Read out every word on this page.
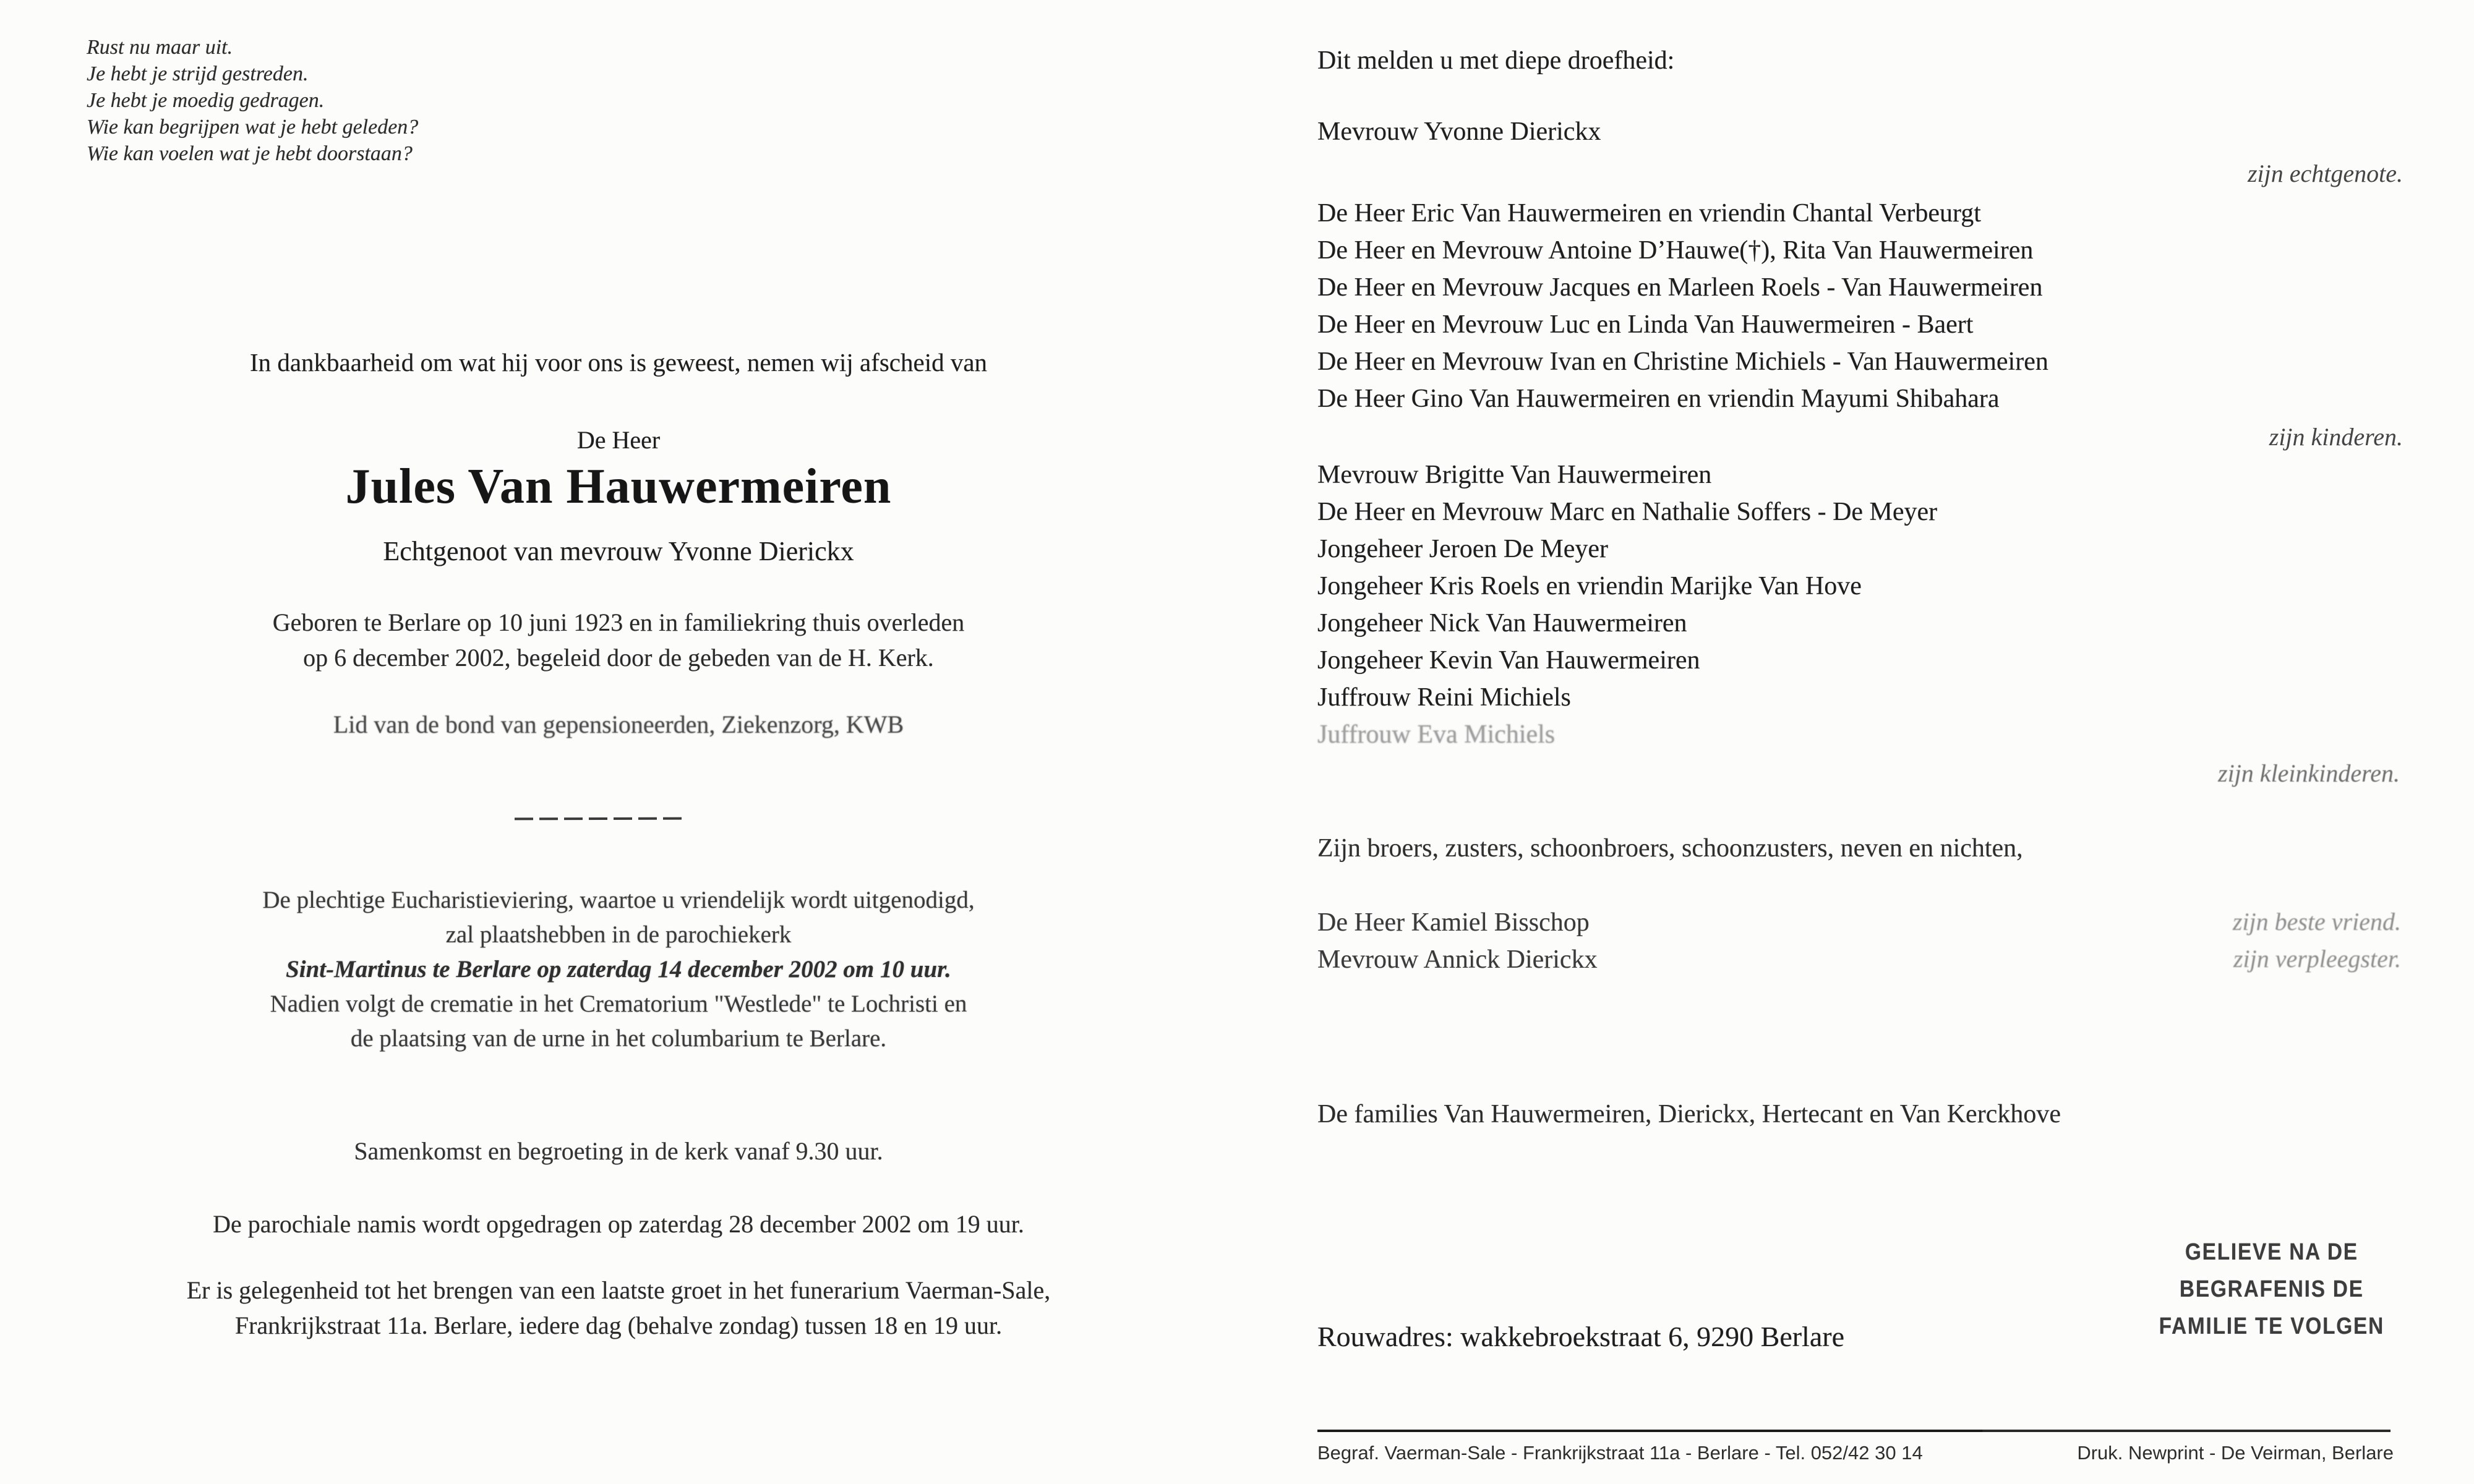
Rust nu maar uit.
Je hebt je strijd gestreden.
Je hebt je moedig gedragen.
Wie kan begrijpen wat je hebt geleden?
Wie kan voelen wat je hebt doorstaan?
In dankbaarheid om wat hij voor ons is geweest, nemen wij afscheid van
De Heer
Jules Van Hauwermeiren
Echtgenoot van mevrouw Yvonne Dierickx
Geboren te Berlare op 10 juni 1923 en in familiekring thuis overleden
op 6 december 2002, begeleid door de gebeden van de H. Kerk.
Lid van de bond van gepensioneerden, Ziekenzorg, KWB
De plechtige Eucharistieviering, waartoe u vriendelijk wordt uitgenodigd,
zal plaatshebben in de parochiekerk
Sint-Martinus te Berlare op zaterdag 14 december 2002 om 10 uur.
Nadien volgt de crematie in het Crematorium "Westlede" te Lochristi en
de plaatsing van de urne in het columbarium te Berlare.
Samenkomst en begroeting in de kerk vanaf 9.30 uur.
De parochiale namis wordt opgedragen op zaterdag 28 december 2002 om 19 uur.
Er is gelegenheid tot het brengen van een laatste groet in het funerarium Vaerman-Sale,
Frankrijkstraat 11a. Berlare, iedere dag (behalve zondag) tussen 18 en 19 uur.
Dit melden u met diepe droefheid:
Mevrouw Yvonne Dierickx
zijn echtgenote.
De Heer Eric Van Hauwermeiren en vriendin Chantal Verbeurgt
De Heer en Mevrouw Antoine D’Hauwe(†), Rita Van Hauwermeiren
De Heer en Mevrouw Jacques en Marleen Roels - Van Hauwermeiren
De Heer en Mevrouw Luc en Linda Van Hauwermeiren - Baert
De Heer en Mevrouw Ivan en Christine Michiels - Van Hauwermeiren
De Heer Gino Van Hauwermeiren en vriendin Mayumi Shibahara
zijn kinderen.
Mevrouw Brigitte Van Hauwermeiren
De Heer en Mevrouw Marc en Nathalie Soffers - De Meyer
Jongeheer Jeroen De Meyer
Jongeheer Kris Roels en vriendin Marijke Van Hove
Jongeheer Nick Van Hauwermeiren
Jongeheer Kevin Van Hauwermeiren
Juffrouw Reini Michiels
Juffrouw Eva Michiels
zijn kleinkinderen.
Zijn broers, zusters, schoonbroers, schoonzusters, neven en nichten,
De Heer Kamiel Bisschop	zijn beste vriend.
Mevrouw Annick Dierickx	zijn verpleegster.
De families Van Hauwermeiren, Dierickx, Hertecant en Van Kerckhove
GELIEVE NA DE
BEGRAFENIS DE
FAMILIE TE VOLGEN
Rouwadres: wakkebroekstraat 6, 9290 Berlare
Begraf. Vaerman-Sale - Frankrijkstraat 11a - Berlare - Tel. 052/42 30 14	Druk. Newprint - De Veirman, Berlare
